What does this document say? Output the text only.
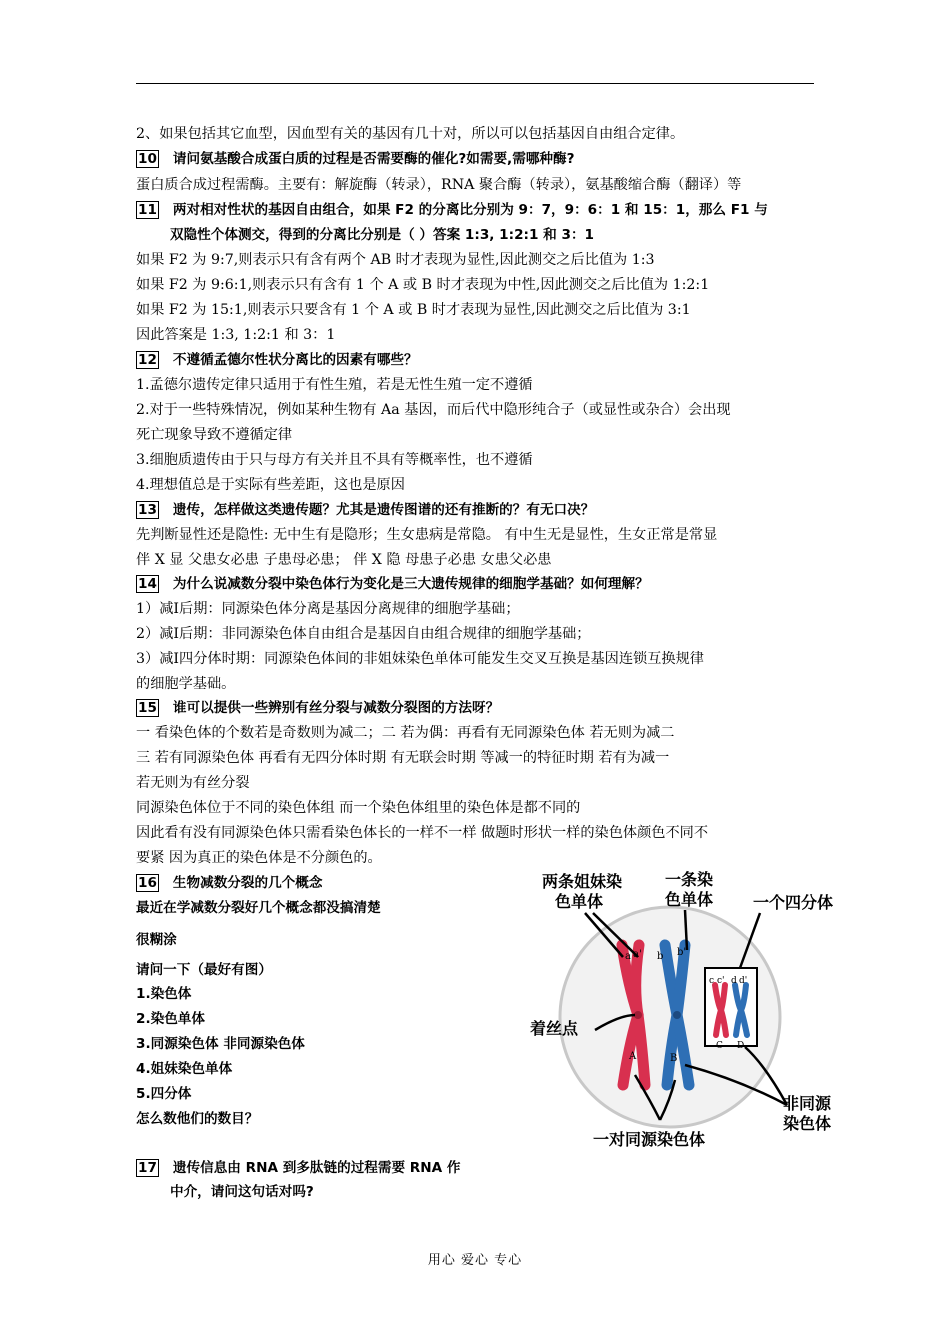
2、如果包括其它血型，因血型有关的基因有几十对，所以可以包括基因自由组合定律。
10 请问氨基酸合成蛋白质的过程是否需要酶的催化?如需要,需哪种酶?
蛋白质合成过程需酶。主要有：解旋酶（转录），RNA 聚合酶（转录），氨基酸缩合酶（翻译）等
11 两对相对性状的基因自由组合，如果 F2 的分离比分别为 9：7，9：6：1 和 15：1，那么 F1 与
双隐性个体测交，得到的分离比分别是（ ）答案 1:3, 1:2:1 和 3：1
如果 F2 为 9:7,则表示只有含有两个 AB 时才表现为显性,因此测交之后比值为 1:3
如果 F2 为 9:6:1,则表示只有含有 1 个 A 或 B 时才表现为中性,因此测交之后比值为 1:2:1
如果 F2 为 15:1,则表示只要含有 1 个 A 或 B 时才表现为显性,因此测交之后比值为 3:1
因此答案是 1:3, 1:2:1 和 3：1
12 不遵循孟德尔性状分离比的因素有哪些？
1.孟德尔遗传定律只适用于有性生殖，若是无性生殖一定不遵循
2.对于一些特殊情况，例如某种生物有 Aa 基因，而后代中隐形纯合子（或显性或杂合）会出现
死亡现象导致不遵循定律
3.细胞质遗传由于只与母方有关并且不具有等概率性，也不遵循
4.理想值总是于实际有些差距，这也是原因
13 遗传，怎样做这类遗传题？尤其是遗传图谱的还有推断的？有无口决？
先判断显性还是隐性: 无中生有是隐形；生女患病是常隐。 有中生无是显性，生女正常是常显
伴 X 显 父患女必患 子患母必患； 伴 X 隐 母患子必患 女患父必患
14 为什么说减数分裂中染色体行为变化是三大遗传规律的细胞学基础？如何理解？
1）减Ⅰ后期：同源染色体分离是基因分离规律的细胞学基础；
2）减Ⅰ后期：非同源染色体自由组合是基因自由组合规律的细胞学基础；
3）减Ⅰ四分体时期：同源染色体间的非姐妹染色单体可能发生交叉互换是基因连锁互换规律
的细胞学基础。
15 谁可以提供一些辨别有丝分裂与减数分裂图的方法呀？
一 看染色体的个数若是奇数则为减二；二 若为偶：再看有无同源染色体 若无则为减二
三 若有同源染色体 再看有无四分体时期 有无联会时期 等减一的特征时期 若有为减一
若无则为有丝分裂
同源染色体位于不同的染色体组 而一个染色体组里的染色体是都不同的
因此看有没有同源染色体只需看染色体长的一样不一样 做题时形状一样的染色体颜色不同不
要紧 因为真正的染色体是不分颜色的。
16 生物减数分裂的几个概念
最近在学减数分裂好几个概念都没搞清楚
很糊涂
请问一下（最好有图）
1.染色体
2.染色单体
3.同源染色体 非同源染色体
4.姐妹染色单体
5.四分体
怎么数他们的数目？
17 遗传信息由 RNA 到多肽链的过程需要 RNA 作
中介，请问这句话对吗?
a a' b b'
c c' d d'
A	B
C D
两条姐妹染
色单体
一条染
色单体 一个四分体
着丝点
非同源
染色体
一对同源染色体
用心 爱心 专心
